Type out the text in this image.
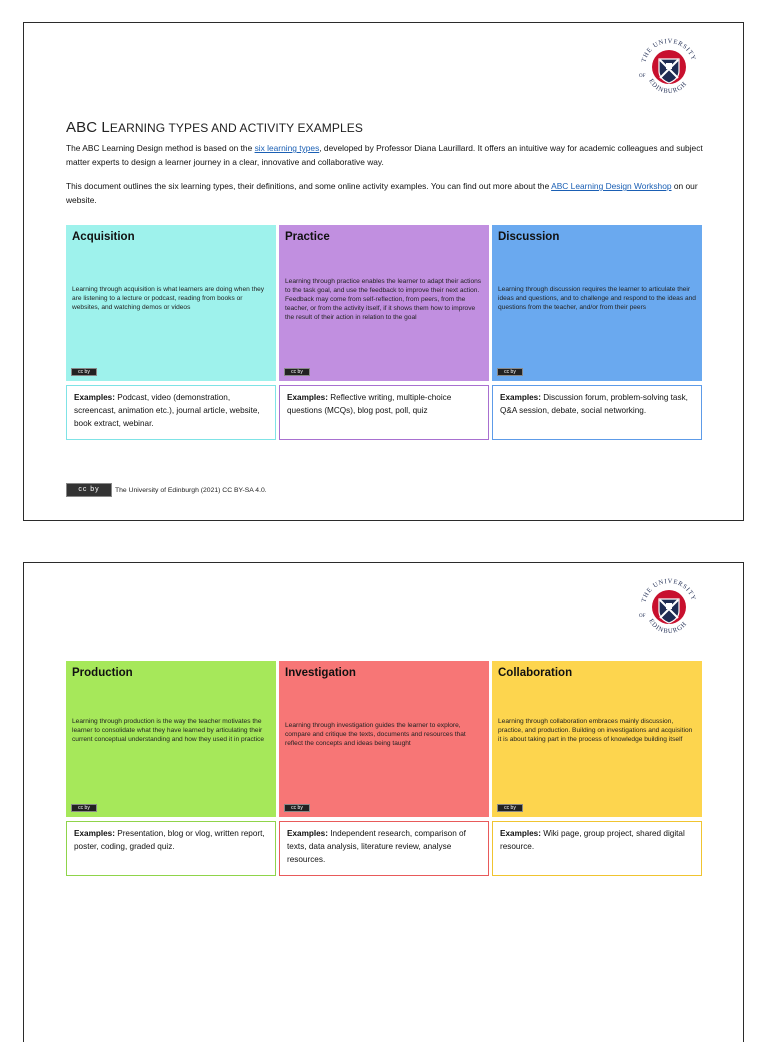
THE UNIVERSITY
EDINBURGH
OF
ABC LEARNING TYPES AND ACTIVITY EXAMPLES
The ABC Learning Design method is based on the six learning types, developed by Professor Diana Laurillard. It offers an intuitive way for academic colleagues and subject matter experts to design a learner journey in a clear, innovative and collaborative way.
This document outlines the six learning types, their definitions, and some online activity examples. You can find out more about the ABC Learning Design Workshop on our website.
Acquisition
Learning through acquisition is what learners are doing when they are listening to a lecture or podcast, reading from books or websites, and watching demos or videos
cc by
Examples: Podcast, video (demonstration, screencast, animation etc.), journal article, website, book extract, webinar.
Practice
Learning through practice enables the learner to adapt their actions to the task goal, and use the feedback to improve their next action. Feedback may come from self-reflection, from peers, from the teacher, or from the activity itself, if it shows them how to improve the result of their action in relation to the goal
cc by
Examples: Reflective writing, multiple-choice questions (MCQs), blog post, poll, quiz
Discussion
Learning through discussion requires the learner to articulate their ideas and questions, and to challenge and respond to the ideas and questions from the teacher, and/or from their peers
cc by
Examples: Discussion forum, problem-solving task, Q&A session, debate, social networking.
cc by	The University of Edinburgh (2021) CC BY-SA 4.0.
THE UNIVERSITY
EDINBURGH
OF
Production
Learning through production is the way the teacher motivates the learner to consolidate what they have learned by articulating their current conceptual understanding and how they used it in practice
cc by
Examples: Presentation, blog or vlog, written report, poster, coding, graded quiz.
Investigation
Learning through investigation guides the learner to explore, compare and critique the texts, documents and resources that reflect the concepts and ideas being taught
cc by
Examples: Independent research, comparison of texts, data analysis, literature review, analyse resources.
Collaboration
Learning through collaboration embraces mainly discussion, practice, and production. Building on investigations and acquisition it is about taking part in the process of knowledge building itself
cc by
Examples: Wiki page, group project, shared digital resource.
